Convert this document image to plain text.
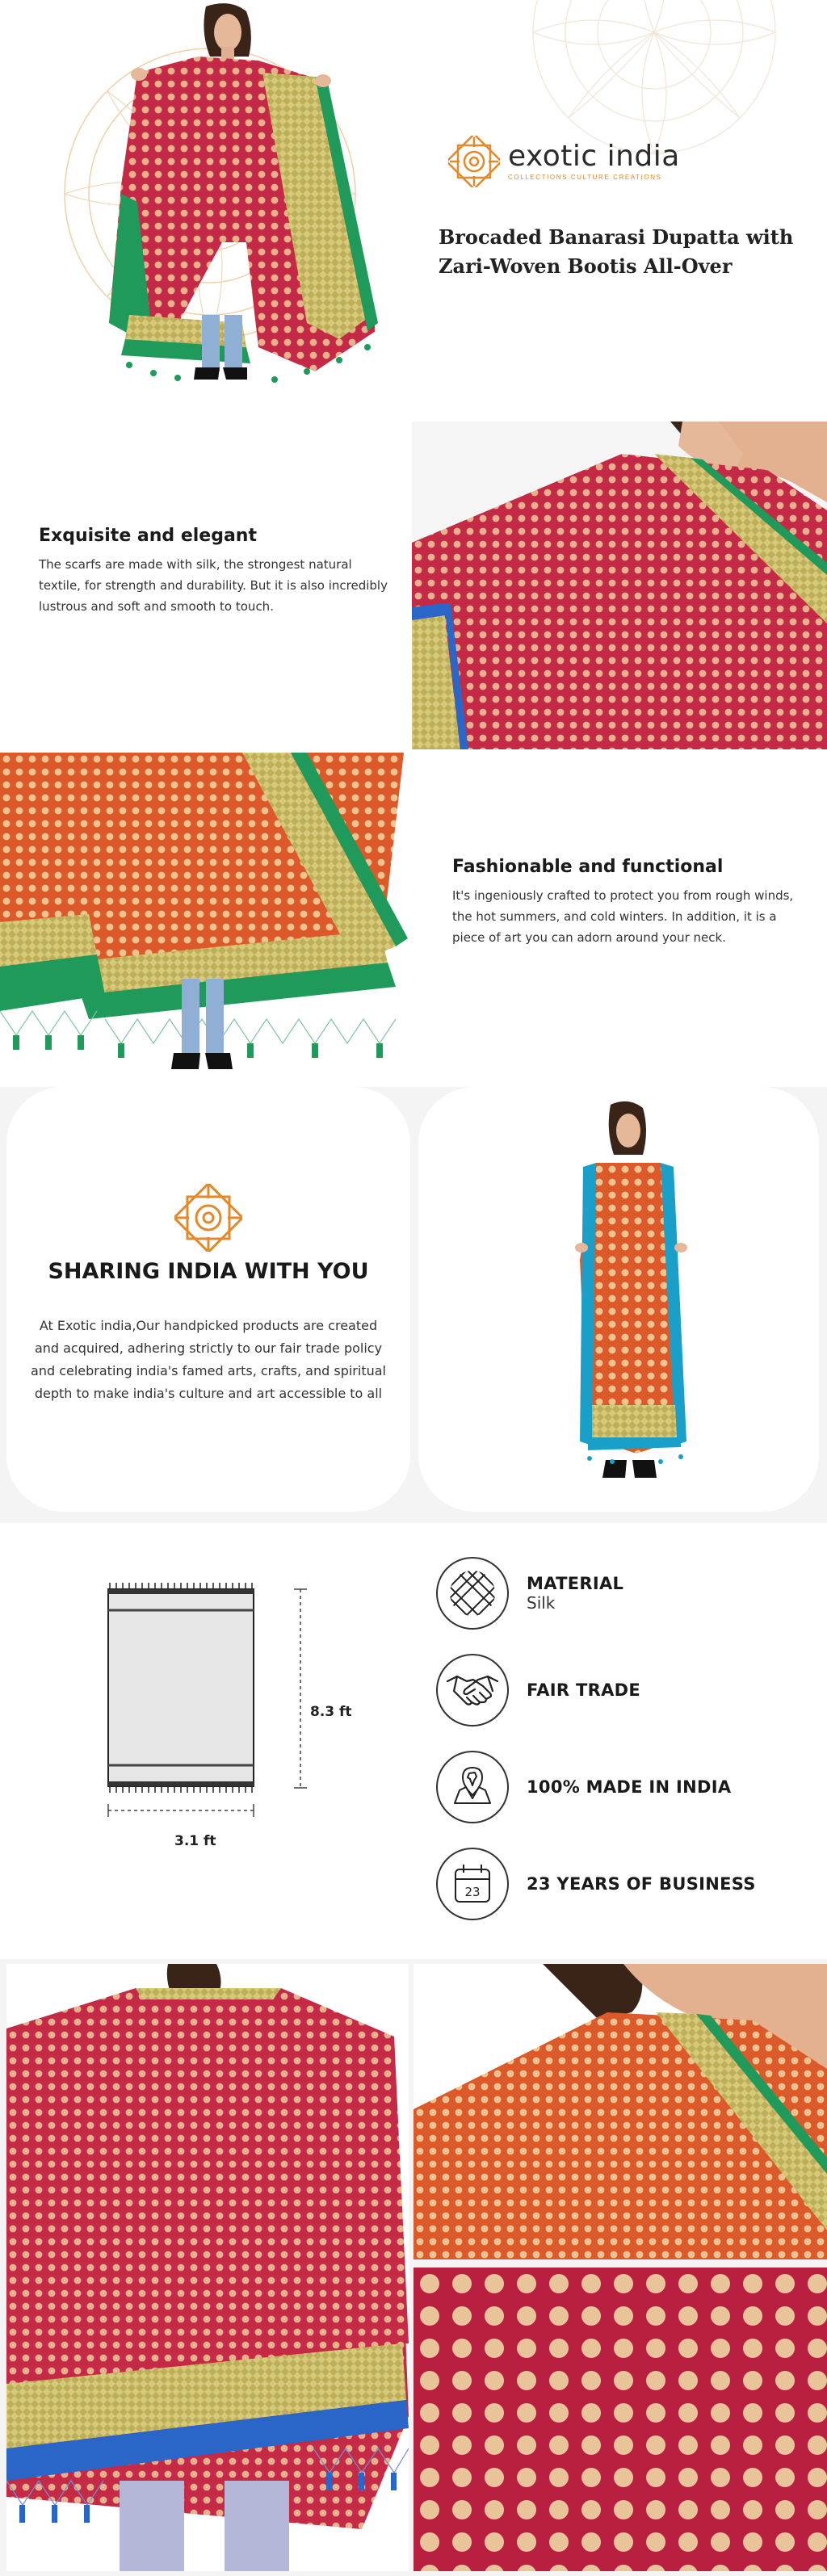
exotic india
COLLECTIONS.CULTURE.CREATIONS
Brocaded Banarasi Dupatta with Zari-Woven Bootis All-Over
Exquisite and elegant
The scarfs are made with silk, the strongest natural textile, for strength and durability. But it is also incredibly lustrous and soft and smooth to touch.
Fashionable and functional
It's ingeniously crafted to protect you from rough winds, the hot summers, and cold winters. In addition, it is a piece of art you can adorn around your neck.
SHARING INDIA WITH YOU
At Exotic india,Our handpicked products are created and acquired, adhering strictly to our fair trade policy and celebrating india's famed arts, crafts, and spiritual depth to make india's culture and art accessible to all
8.3 ft
3.1 ft
MATERIAL
Silk
FAIR TRADE
100% MADE IN INDIA
23	23 YEARS OF BUSINESS
